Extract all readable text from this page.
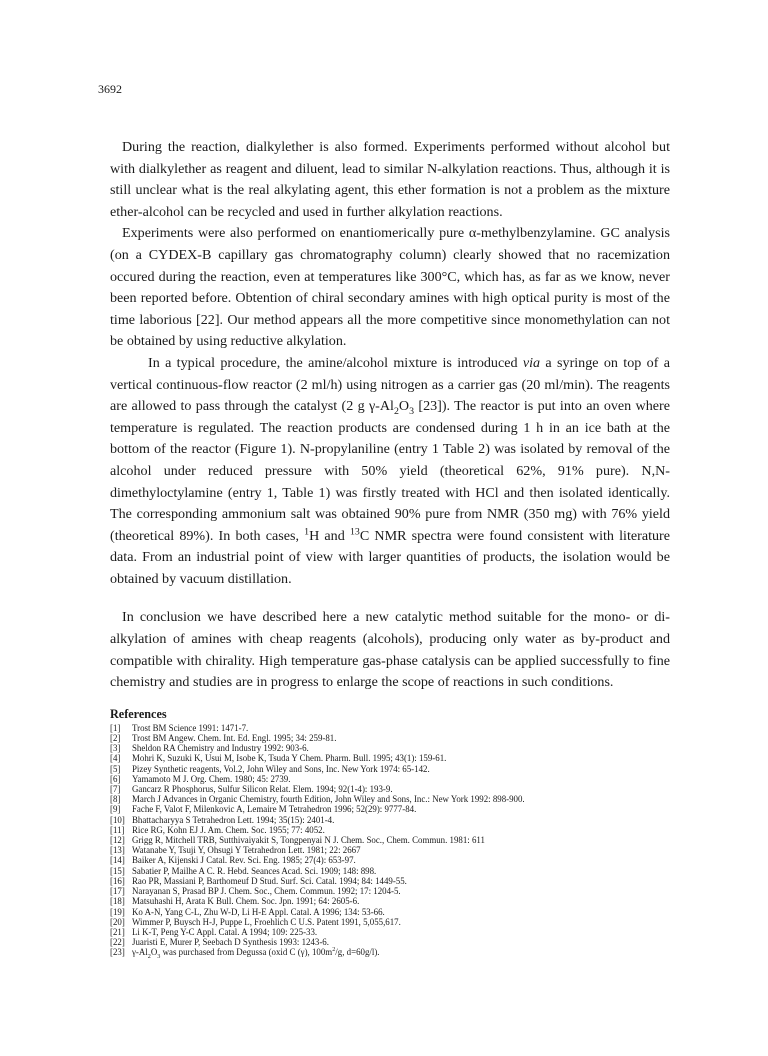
3692

During the reaction, dialkylether is also formed. Experiments performed without alcohol but with dialkylether as reagent and diluent, lead to similar N-alkylation reactions. Thus, although it is still unclear what is the real alkylating agent, this ether formation is not a problem as the mixture ether-alcohol can be recycled and used in further alkylation reactions.

Experiments were also performed on enantiomerically pure α-methylbenzylamine. GC analysis (on a CYDEX-B capillary gas chromatography column) clearly showed that no racemization occured during the reaction, even at temperatures like 300°C, which has, as far as we know, never been reported before. Obtention of chiral secondary amines with high optical purity is most of the time laborious [22]. Our method appears all the more competitive since monomethylation can not be obtained by using reductive alkylation.

In a typical procedure, the amine/alcohol mixture is introduced via a syringe on top of a vertical continuous-flow reactor (2 ml/h) using nitrogen as a carrier gas (20 ml/min). The reagents are allowed to pass through the catalyst (2 g $\gamma-Al_2O_3$ [23]). The reactor is put into an oven where temperature is regulated. The reaction products are condensed during 1 h in an ice bath at the bottom of the reactor (Figure 1). N-propylaniline (entry 1 Table 2) was isolated by removal of the alcohol under reduced pressure with 50% yield (theoretical 62%, 91% pure). N,N-dimethyloctylamine (entry 1, Table 1) was firstly treated with HCl and then isolated identically. The corresponding ammonium salt was obtained 90% pure from NMR (350 mg) with 76% yield (theoretical 89%). In both cases, $^1$H and $^{13}$C NMR spectra were found consistent with literature data. From an industrial point of view with larger quantities of products, the isolation would be obtained by vacuum distillation.

In conclusion we have described here a new catalytic method suitable for the mono- or di-alkylation of amines with cheap reagents (alcohols), producing only water as by-product and compatible with chirality. High temperature gas-phase catalysis can be applied successfully to fine chemistry and studies are in progress to enlarge the scope of reactions in such conditions.

References
[1]	Trost BM Science 1991: 1471-7.
[2]	Trost BM Angew. Chem. Int. Ed. Engl. 1995; 34: 259-81.
[3]	Sheldon RA Chemistry and Industry 1992: 903-6.
[4]	Mohri K, Suzuki K, Usui M, Isobe K, Tsuda Y Chem. Pharm. Bull. 1995; 43(1): 159-61.
[5]	Pizey Synthetic reagents, Vol.2, John Wiley and Sons, Inc. New York 1974: 65-142.
[6]	Yamamoto M J. Org. Chem. 1980; 45: 2739.
[7]	Gancarz R Phosphorus, Sulfur Silicon Relat. Elem. 1994; 92(1-4): 193-9.
[8]	March J Advances in Organic Chemistry, fourth Edition, John Wiley and Sons, Inc.: New York 1992: 898-900.
[9]	Fache F, Valot F, Milenkovic A, Lemaire M Tetrahedron 1996; 52(29): 9777-84.
[10] Bhattacharyya S Tetrahedron Lett. 1994; 35(15): 2401-4.
[11] Rice RG, Kohn EJ J. Am. Chem. Soc. 1955; 77: 4052.
[12] Grigg R, Mitchell TRB, Sutthivaiyakit S, Tongpenyai N J. Chem. Soc., Chem. Commun. 1981: 611
[13] Watanabe Y, Tsuji Y, Ohsugi Y Tetrahedron Lett. 1981; 22: 2667
[14] Baiker A, Kijenski J Catal. Rev. Sci. Eng. 1985; 27(4): 653-97.
[15] Sabatier P, Mailhe A C. R. Hebd. Seances Acad. Sci. 1909; 148: 898.
[16] Rao PR, Massiani P, Barthomeuf D Stud. Surf. Sci. Catal. 1994; 84: 1449-55.
[17] Narayanan S, Prasad BP J. Chem. Soc., Chem. Commun. 1992; 17: 1204-5.
[18] Matsuhashi H, Arata K Bull. Chem. Soc. Jpn. 1991; 64: 2605-6.
[19] Ko A-N, Yang C-L, Zhu W-D, Li H-E Appl. Catal. A 1996; 134: 53-66.
[20] Wimmer P, Buysch H-J, Puppe L, Froehlich C U.S. Patent 1991, 5,055,617.
[21] Li K-T, Peng Y-C Appl. Catal. A 1994; 109: 225-33.
[22] Juaristi E, Murer P, Seebach D Synthesis 1993: 1243-6.
[23] $\gamma-Al_2O_3$ was purchased from Degussa (oxid C (γ), $100m^2/g$, d=60g/l).
